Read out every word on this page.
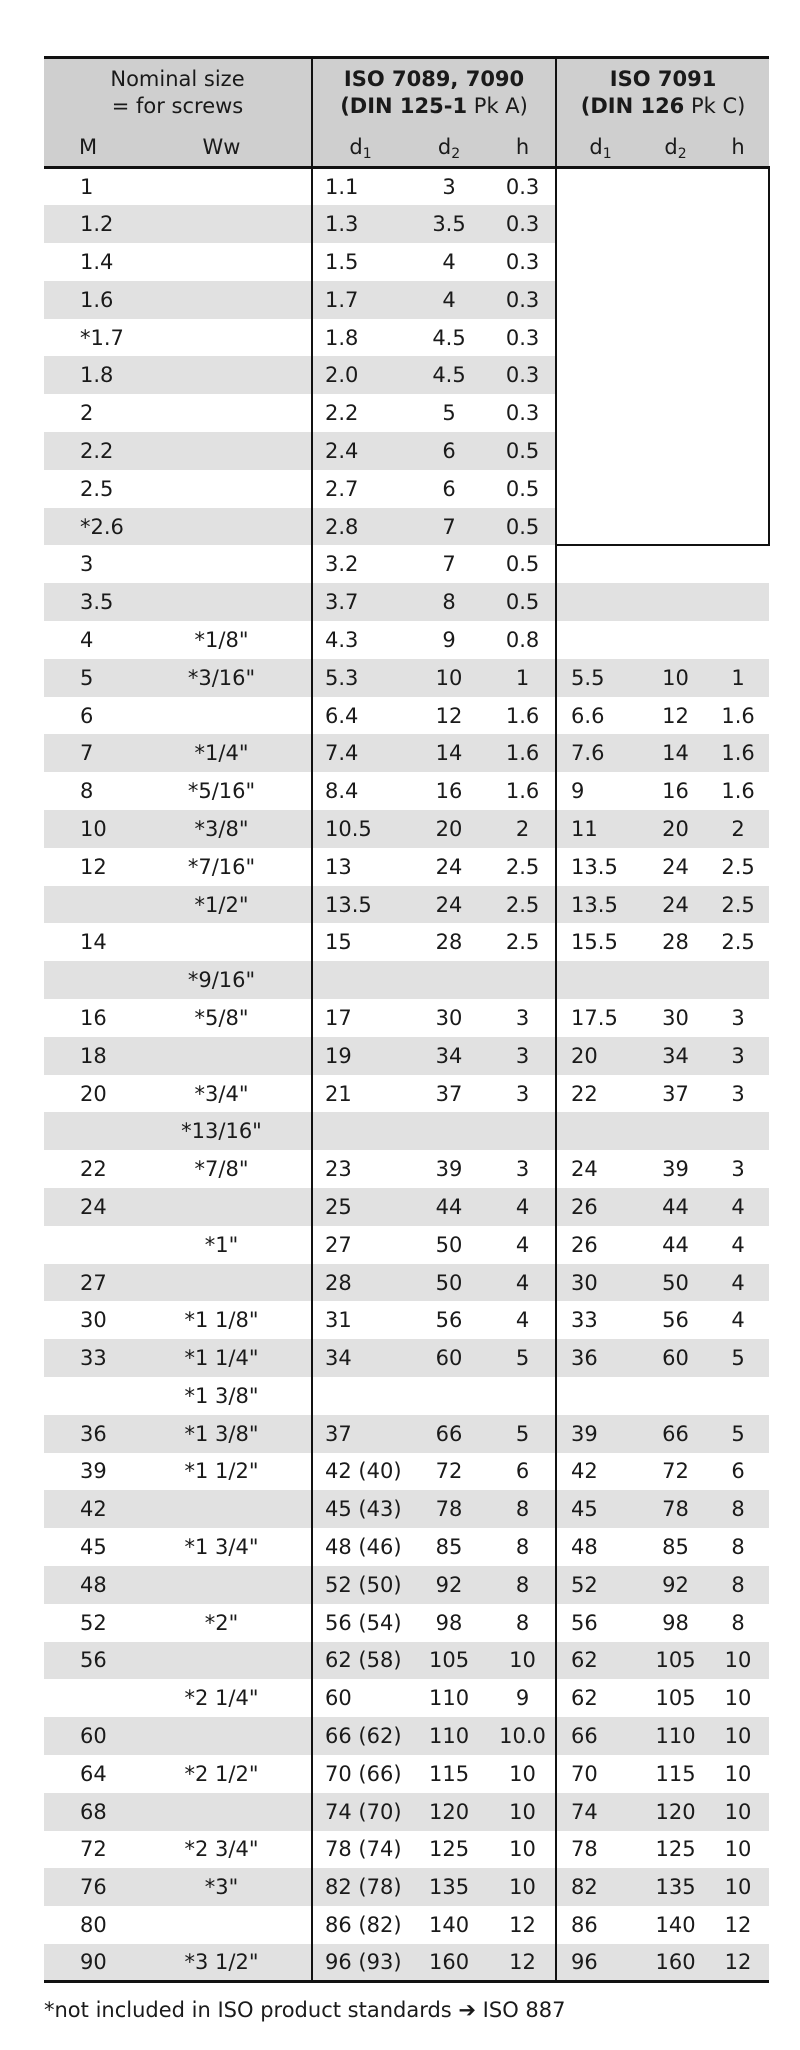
Nominal size
= for screws		ISO 7089, 7090
(DIN 125-1 Pk A)			ISO 7091
(DIN 126 Pk C)		
M	Ww	$d_1$	$d_2$	h	$d_1$	$d_2$	h
1		1.1	3	0.3			
1.2		1.3	3.5	0.3			
1.4		1.5	4	0.3			
1.6		1.7	4	0.3			
*1.7		1.8	4.5	0.3			
1.8		2.0	4.5	0.3			
2		2.2	5	0.3			
2.2		2.4	6	0.5			
2.5		2.7	6	0.5			
*2.6		2.8	7	0.5			
3		3.2	7	0.5			
3.5		3.7	8	0.5			
4	*1/8"	4.3	9	0.8			
5	*3/16"	5.3	10	1	5.5	10	1
6		6.4	12	1.6	6.6	12	1.6
7	*1/4"	7.4	14	1.6	7.6	14	1.6
8	*5/16"	8.4	16	1.6	9	16	1.6
10	*3/8"	10.5	20	2	11	20	2
12	*7/16"	13	24	2.5	13.5	24	2.5
	*1/2"	13.5	24	2.5	13.5	24	2.5
14		15	28	2.5	15.5	28	2.5
	*9/16"						
16	*5/8"	17	30	3	17.5	30	3
18		19	34	3	20	34	3
20	*3/4"	21	37	3	22	37	3
	*13/16"						
22	*7/8"	23	39	3	24	39	3
24		25	44	4	26	44	4
	*1"	27	50	4	26	44	4
27		28	50	4	30	50	4
30	*1 1/8"	31	56	4	33	56	4
33	*1 1/4"	34	60	5	36	60	5
	*1 3/8"						
36	*1 3/8"	37	66	5	39	66	5
39	*1 1/2"	42 (40)	72	6	42	72	6
42		45 (43)	78	8	45	78	8
45	*1 3/4"	48 (46)	85	8	48	85	8
48		52 (50)	92	8	52	92	8
52	*2"	56 (54)	98	8	56	98	8
56		62 (58)	105	10	62	105	10
	*2 1/4"	60	110	9	62	105	10
60		66 (62)	110	10.0	66	110	10
64	*2 1/2"	70 (66)	115	10	70	115	10
68		74 (70)	120	10	74	120	10
72	*2 3/4"	78 (74)	125	10	78	125	10
76	*3"	82 (78)	135	10	82	135	10
80		86 (82)	140	12	86	140	12
90	*3 1/2"	96 (93)	160	12	96	160	12
*not included in ISO product standards ➔ ISO 887
